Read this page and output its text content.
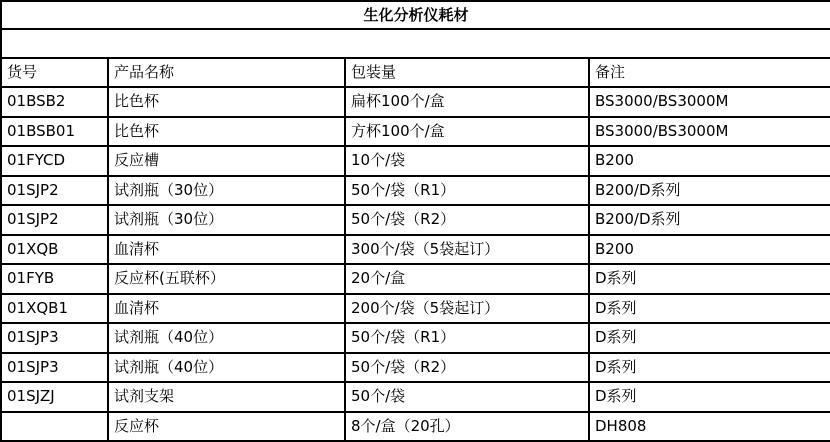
生化分析仪耗材			

货号	产品名称	包装量	备注
01BSB2	比色杯	扁杯100个/盒	BS3000/BS3000M
01BSB01	比色杯	方杯100个/盒	BS3000/BS3000M
01FYCD	反应槽	10个/袋	B200
01SJP2	试剂瓶（30位）	50个/袋（R1）	B200/D系列
01SJP2	试剂瓶（30位）	50个/袋（R2）	B200/D系列
01XQB	血清杯	300个/袋（5袋起订）	B200
01FYB	反应杯(五联杯）	20个/盒	D系列
01XQB1	血清杯	200个/袋（5袋起订）	D系列
01SJP3	试剂瓶（40位）	50个/袋（R1）	D系列
01SJP3	试剂瓶（40位）	50个/袋（R2）	D系列
01SJZJ	试剂支架	50个/袋	D系列
	反应杯	8个/盒（20孔）	DH808
